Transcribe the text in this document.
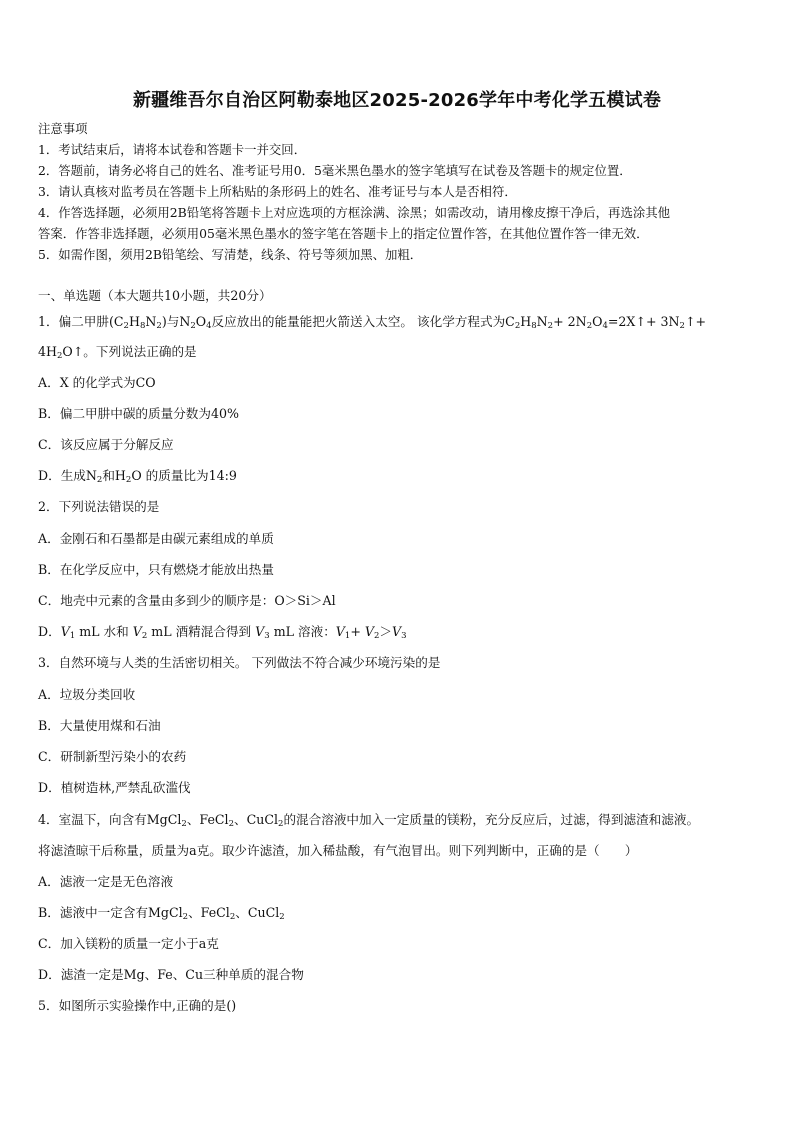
新疆维吾尔自治区阿勒泰地区2025-2026学年中考化学五模试卷
注意事项
1．考试结束后，请将本试卷和答题卡一并交回．
2．答题前，请务必将自己的姓名、准考证号用0．5毫米黑色墨水的签字笔填写在试卷及答题卡的规定位置．
3．请认真核对监考员在答题卡上所粘贴的条形码上的姓名、准考证号与本人是否相符．
4．作答选择题，必须用2B铅笔将答题卡上对应选项的方框涂满、涂黑；如需改动，请用橡皮擦干净后，再选涂其他
答案．作答非选择题，必须用05毫米黑色墨水的签字笔在答题卡上的指定位置作答，在其他位置作答一律无效．
5．如需作图，须用2B铅笔绘、写清楚，线条、符号等须加黑、加粗．
一、单选题（本大题共10小题，共20分）
1．偏二甲肼$(C_2H_8N_2)$与$N_2O_4$反应放出的能量能把火箭送入太空。 该化学方程式为$C_2H_8N_2+$ $2N_2O_4=2X↑+$ $3N_2↑+$
$4H_2O↑$。下列说法正确的是
A．X 的化学式为CO
B．偏二甲肼中碳的质量分数为40%
C．该反应属于分解反应
D．生成$N_2$和$H_2O$ 的质量比为14:9
2．下列说法错误的是
A．金刚石和石墨都是由碳元素组成的单质
B．在化学反应中，只有燃烧才能放出热量
C．地壳中元素的含量由多到少的顺序是：O＞Si＞Al
D．$V_1$ mL 水和 $V_2$ mL 酒精混合得到 $V_3$ mL 溶液：$V_1+ V_2>V_3$
3．自然环境与人类的生活密切相关。 下列做法不符合减少环境污染的是
A．垃圾分类回收
B．大量使用煤和石油
C．研制新型污染小的农药
D．植树造林,严禁乱砍滥伐
4．室温下，向含有MgCl$_2$、FeCl$_2$、CuCl$_2$的混合溶液中加入一定质量的镁粉，充分反应后，过滤，得到滤渣和滤液。
将滤渣晾干后称量，质量为a克。取少许滤渣，加入稀盐酸，有气泡冒出。则下列判断中，正确的是（　　）
A．滤液一定是无色溶液
B．滤液中一定含有MgCl$_2$、FeCl$_2$、CuCl$_2$
C．加入镁粉的质量一定小于a克
D．滤渣一定是Mg、Fe、Cu三种单质的混合物
5．如图所示实验操作中,正确的是()
